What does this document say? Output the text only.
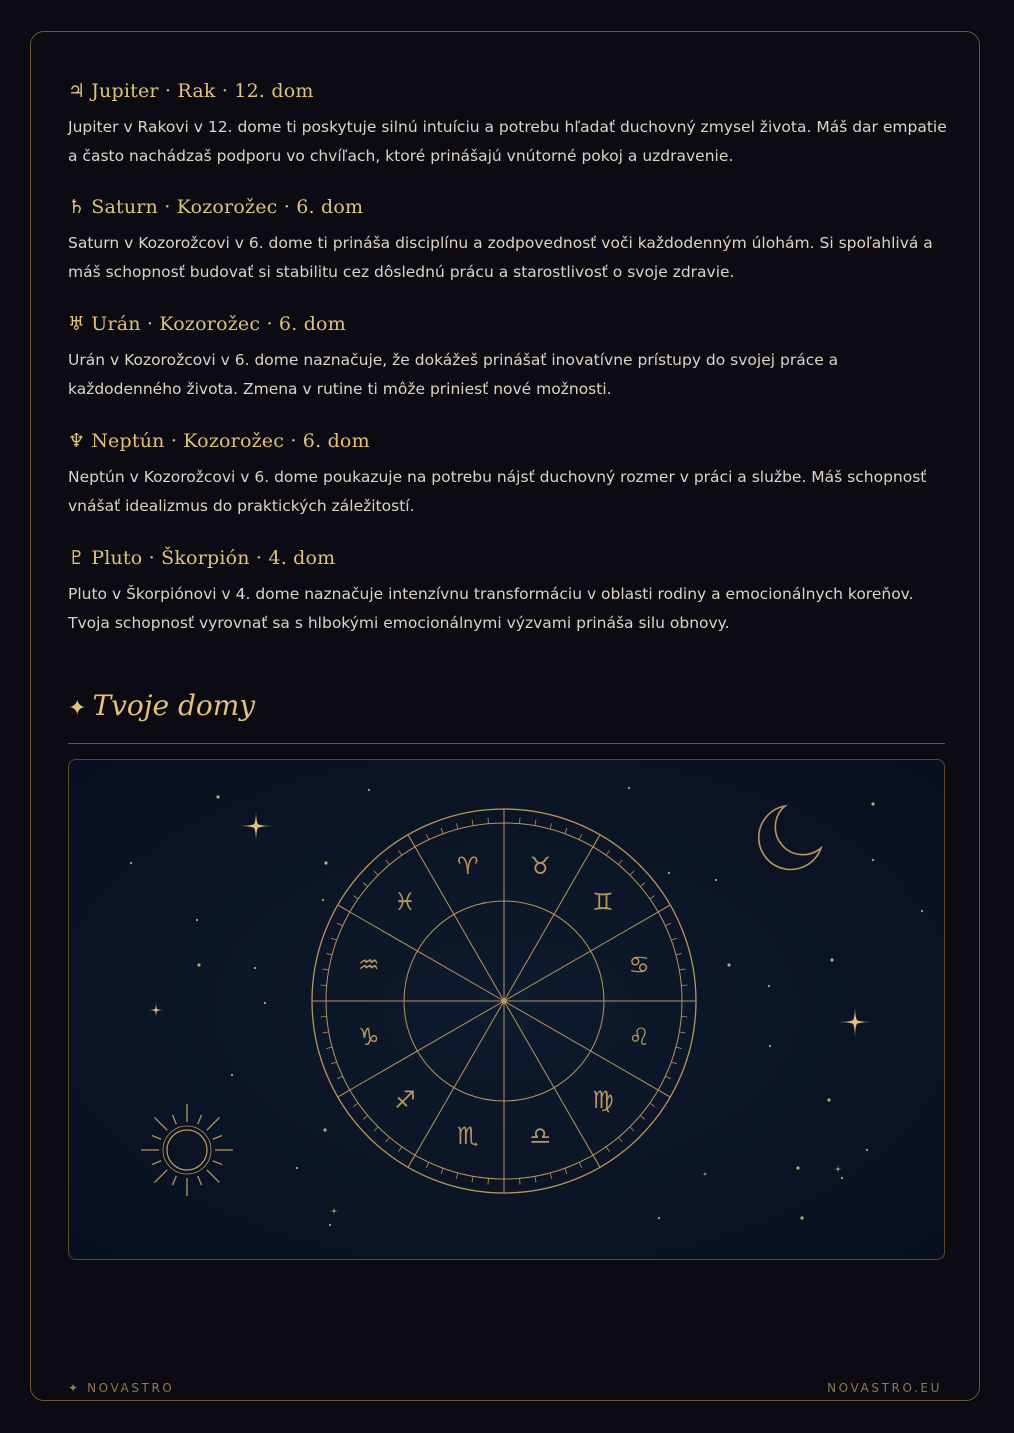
♃ Jupiter · Rak · 12. dom

Jupiter v Rakovi v 12. dome ti poskytuje silnú intuíciu a potrebu hľadať duchovný zmysel života. Máš dar empatie a často nachádzaš podporu vo chvíľach, ktoré prinášajú vnútorné pokoj a uzdravenie.

♄ Saturn · Kozorožec · 6. dom

Saturn v Kozorožcovi v 6. dome ti prináša disciplínu a zodpovednosť voči každodenným úlohám. Si spoľahlivá a máš schopnosť budovať si stabilitu cez dôslednú prácu a starostlivosť o svoje zdravie.

♅ Urán · Kozorožec · 6. dom

Urán v Kozorožcovi v 6. dome naznačuje, že dokážeš prinášať inovatívne prístupy do svojej práce a každodenného života. Zmena v rutine ti môže priniesť nové možnosti.

♆ Neptún · Kozorožec · 6. dom

Neptún v Kozorožcovi v 6. dome poukazuje na potrebu nájsť duchovný rozmer v práci a službe. Máš schopnosť vnášať idealizmus do praktických záležitostí.

♇ Pluto · Škorpión · 4. dom

Pluto v Škorpiónovi v 4. dome naznačuje intenzívnu transformáciu v oblasti rodiny a emocionálnych koreňov. Tvoja schopnosť vyrovnať sa s hlbokými emocionálnymi výzvami prináša silu obnovy.

✦ Tvoje domy
♈︎ ♉︎
♊︎
♋︎
♌︎
♍︎
♎︎
♏︎
♐︎
♑︎
♒︎
♓︎
✦ NOVASTRO	NOVASTRO.EU
